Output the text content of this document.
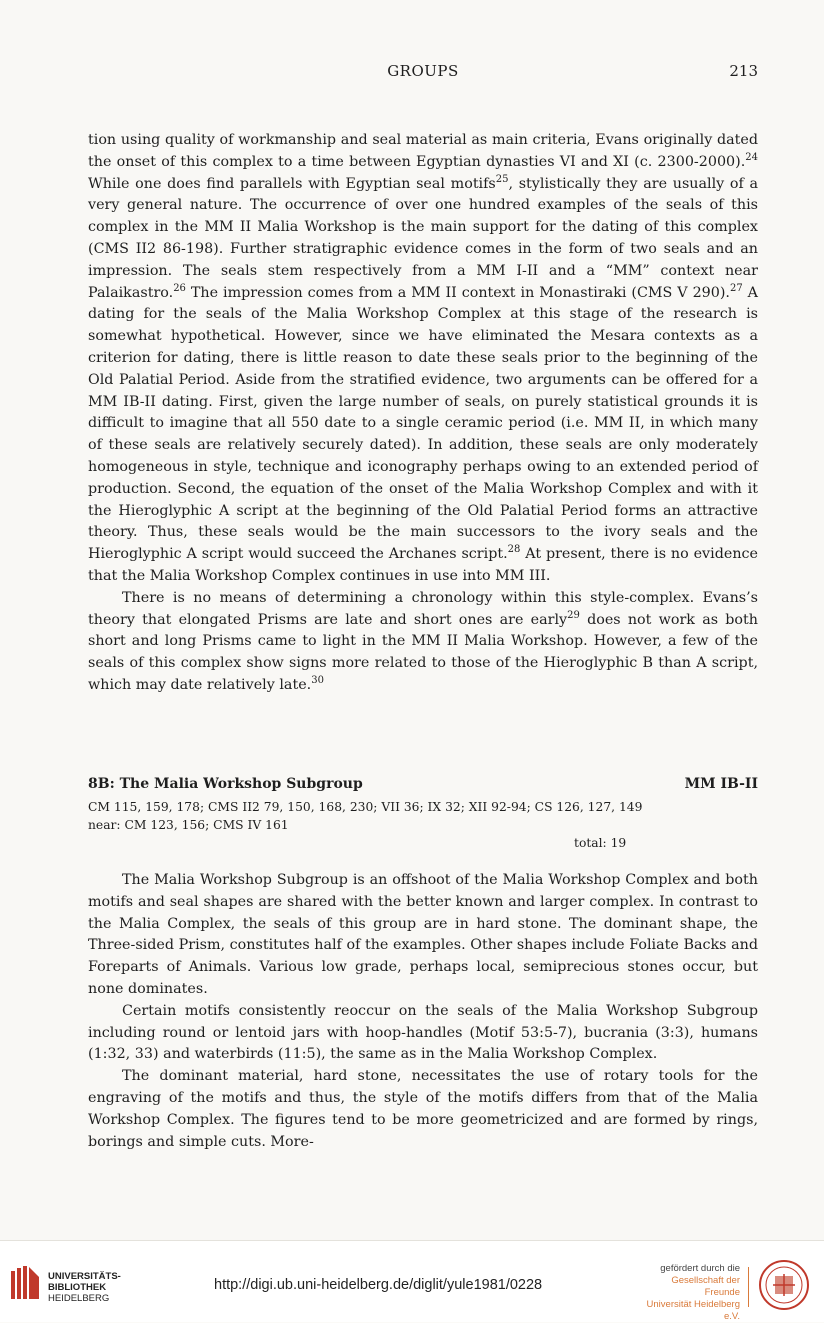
GROUPS	213

tion using quality of workmanship and seal material as main criteria, Evans originally dated the onset of this complex to a time between Egyptian dynasties VI and XI (c. 2300-2000).$^{24}$ While one does find parallels with Egyptian seal motifs$^{25}$, stylistically they are usually of a very general nature. The occurrence of over one hundred examples of the seals of this complex in the MM II Malia Workshop is the main support for the dating of this complex (CMS II2 86-198). Further stratigraphic evidence comes in the form of two seals and an impression. The seals stem respectively from a MM I-II and a “MM” context near Palaikastro.$^{26}$ The impression comes from a MM II context in Monastiraki (CMS V 290).$^{27}$ A dating for the seals of the Malia Workshop Complex at this stage of the research is somewhat hypothetical. However, since we have eliminated the Mesara contexts as a criterion for dating, there is little reason to date these seals prior to the beginning of the Old Palatial Period. Aside from the stratified evidence, two arguments can be offered for a MM IB-II dating. First, given the large number of seals, on purely statistical grounds it is difficult to imagine that all 550 date to a single ceramic period (i.e. MM II, in which many of these seals are relatively securely dated). In addition, these seals are only moderately homogeneous in style, technique and iconography perhaps owing to an extended period of production. Second, the equation of the onset of the Malia Workshop Complex and with it the Hieroglyphic A script at the beginning of the Old Palatial Period forms an attractive theory. Thus, these seals would be the main successors to the ivory seals and the Hieroglyphic A script would succeed the Archanes script.$^{28}$ At present, there is no evidence that the Malia Workshop Complex continues in use into MM III.

There is no means of determining a chronology within this style-complex. Evans’s theory that elongated Prisms are late and short ones are early$^{29}$ does not work as both short and long Prisms came to light in the MM II Malia Workshop. However, a few of the seals of this complex show signs more related to those of the Hieroglyphic B than A script, which may date relatively late.$^{30}$

8B: The Malia Workshop Subgroup	MM IB-II

CM 115, 159, 178; CMS II2 79, 150, 168, 230; VII 36; IX 32; XII 92-94; CS 126, 127, 149

near: CM 123, 156; CMS IV 161

total: 19

The Malia Workshop Subgroup is an offshoot of the Malia Workshop Complex and both motifs and seal shapes are shared with the better known and larger complex. In contrast to the Malia Complex, the seals of this group are in hard stone. The dominant shape, the Three-sided Prism, constitutes half of the examples. Other shapes include Foliate Backs and Foreparts of Animals. Various low grade, perhaps local, semiprecious stones occur, but none dominates.

Certain motifs consistently reoccur on the seals of the Malia Workshop Subgroup including round or lentoid jars with hoop-handles (Motif 53:5-7), bucrania (3:3), humans (1:32, 33) and waterbirds (11:5), the same as in the Malia Workshop Complex.

The dominant material, hard stone, necessitates the use of rotary tools for the engraving of the motifs and thus, the style of the motifs differs from that of the Malia Workshop Complex. The figures tend to be more geometricized and are formed by rings, borings and simple cuts. More-

UNIVERSITÄTS-
BIBLIOTHEK
HEIDELBERG
http://digi.ub.uni-heidelberg.de/diglit/yule1981/0228
gefördert durch die
Gesellschaft der Freunde
Universität Heidelberg e.V.
